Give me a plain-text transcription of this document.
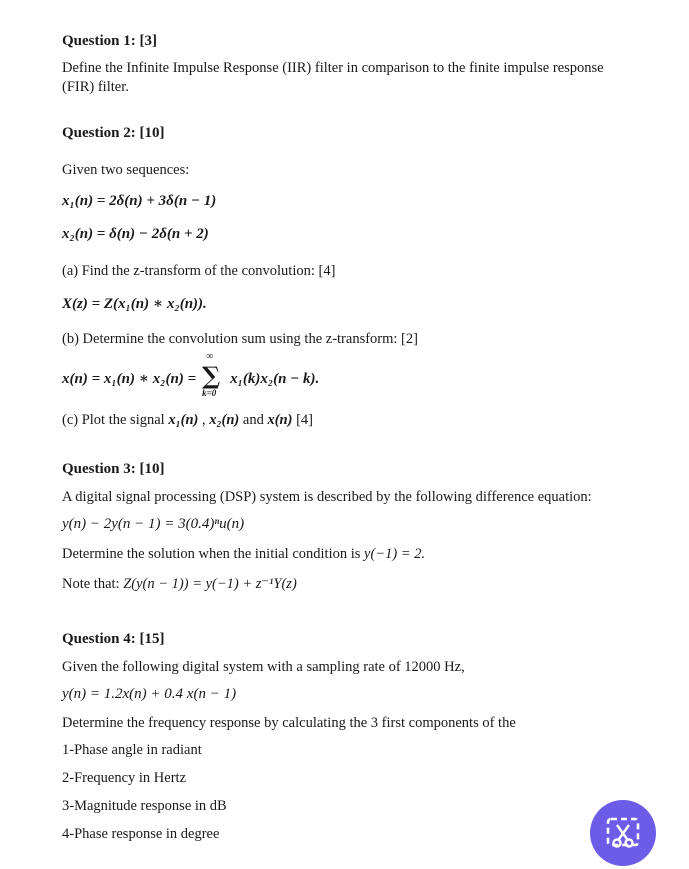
Question 1: [3]
Define the Infinite Impulse Response (IIR) filter in comparison to the finite impulse response
(FIR) filter.
Question 2: [10]
Given two sequences:
x₁(n) = 2δ(n) + 3δ(n − 1)
x₂(n) = δ(n) − 2δ(n + 2)
(a) Find the z-transform of the convolution: [4]
X(z) = Z(x₁(n) ∗ x₂(n)).
(b) Determine the convolution sum using the z-transform: [2]
x(n) = x₁(n) ∗ x₂(n) =
∞
∑
k=0
x₁(k)x₂(n − k).
(c) Plot the signal x₁(n) , x₂(n) and x(n) [4]
Question 3: [10]
A digital signal processing (DSP) system is described by the following difference equation:
y(n) − 2y(n − 1) = 3(0.4)ⁿu(n)
Determine the solution when the initial condition is y(−1) = 2.
Note that: Z(y(n − 1)) = y(−1) + z⁻¹Y(z)
Question 4: [15]
Given the following digital system with a sampling rate of 12000 Hz,
y(n) = 1.2x(n) + 0.4 x(n − 1)
Determine the frequency response by calculating the 3 first components of the
1-Phase angle in radiant
2-Frequency in Hertz
3-Magnitude response in dB
4-Phase response in degree
